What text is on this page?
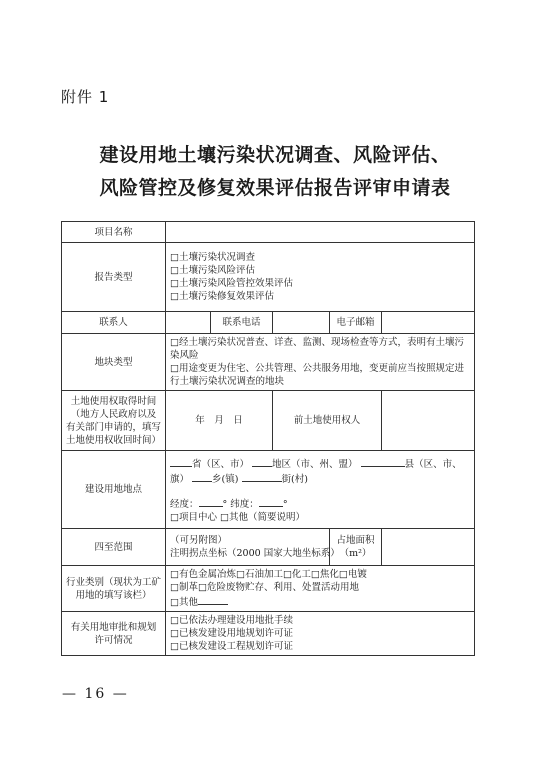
附件 1
建设用地土壤污染状况调查、风险评估、
风险管控及修复效果评估报告评审申请表
项目名称					
报告类型	□土壤污染状况调查
□土壤污染风险评估
□土壤污染风险管控效果评估
□土壤污染修复效果评估				

联系人		联系电话		电子邮箱	
地块类型	□经土壤污染状况普查、详查、监测、现场检查等方式，表明有土壤污染风险
□用途变更为住宅、公共管理、公共服务用地，变更前应当按照规定进行土壤污染状况调查的地块				

土地使用权取得时间
（地方人民政府以及
有关部门申请的，填写
土地使用权收回时间）	年　月　日		前土地使用权人		
建设用地地点	省（区、市） 地区（市、州、盟） 县（区、市、
旗） 乡(镇) 街(村)
经度： ° 纬度： °
□项目中心 □其他（简要说明）				

四至范围	（可另附图）
注明拐点坐标（2000 国家大地坐标系）			占地面积
（m²）	

行业类别（现状为工矿
用地的填写该栏）	□有色金属冶炼□石油加工□化工□焦化□电镀
□制革□危险废物贮存、利用、处置活动用地
□其他				

有关用地审批和规划
许可情况	□已依法办理建设用地批手续
□已核发建设用地规划许可证
□已核发建设工程规划许可证				
— 16 —
